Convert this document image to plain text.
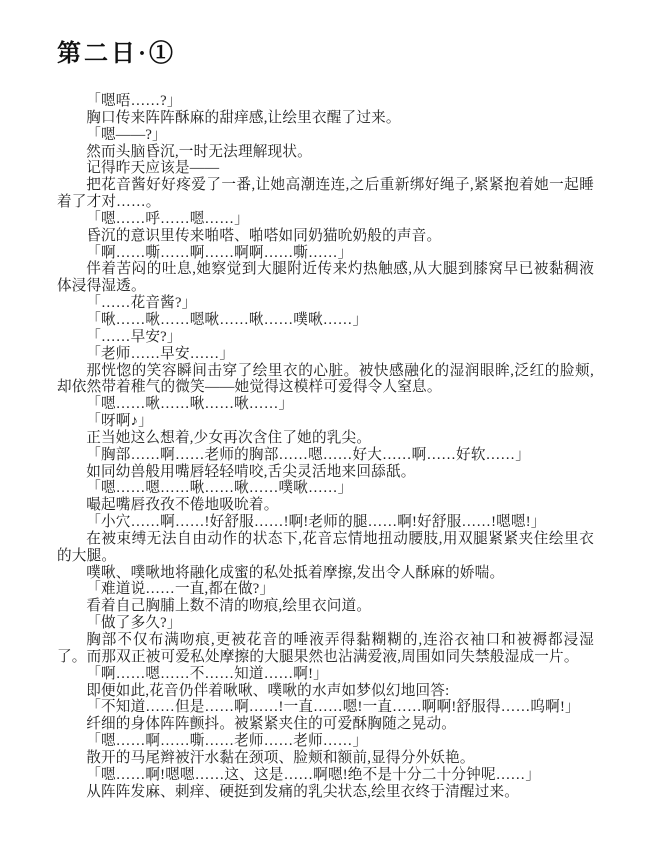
第二日·①

「嗯唔……?」

胸口传来阵阵酥麻的甜痒感,让绘里衣醒了过来。

「嗯——?」

然而头脑昏沉,一时无法理解现状。

记得昨天应该是——

把花音酱好好疼爱了一番,让她高潮连连,之后重新绑好绳子,紧紧抱着她一起睡着了才对……。

「嗯……呼……嗯……」

昏沉的意识里传来啪嗒、啪嗒如同奶猫吮奶般的声音。

「啊……嘶……啊……啊啊……嘶……」

伴着苦闷的吐息,她察觉到大腿附近传来灼热触感,从大腿到膝窝早已被黏稠液体浸得湿透。

「……花音酱?」

「啾……啾……嗯啾……啾……噗啾……」

「……早安?」

「老师……早安……」

那恍惚的笑容瞬间击穿了绘里衣的心脏。被快感融化的湿润眼眸,泛红的脸颊,却依然带着稚气的微笑——她觉得这模样可爱得令人窒息。

「嗯……啾……啾……啾……」

「呀啊♪」

正当她这么想着,少女再次含住了她的乳尖。

「胸部……啊……老师的胸部……嗯……好大……啊……好软……」

如同幼兽般用嘴唇轻轻啃咬,舌尖灵活地来回舔舐。

「嗯……嗯……啾……啾……噗啾……」

嘬起嘴唇孜孜不倦地吸吮着。

「小穴……啊……!好舒服……!啊!老师的腿……啊!好舒服……!嗯嗯!」

在被束缚无法自由动作的状态下,花音忘情地扭动腰肢,用双腿紧紧夹住绘里衣的大腿。

噗啾、噗啾地将融化成蜜的私处抵着摩擦,发出令人酥麻的娇喘。

「难道说……一直,都在做?」

看着自己胸脯上数不清的吻痕,绘里衣问道。

「做了多久?」

胸部不仅布满吻痕,更被花音的唾液弄得黏糊糊的,连浴衣袖口和被褥都浸湿了。而那双正被可爱私处摩擦的大腿果然也沾满爱液,周围如同失禁般湿成一片。

「啊……嗯……不……知道……啊!」

即便如此,花音仍伴着啾啾、噗啾的水声如梦似幻地回答:

「不知道……但是……啊……!一直……嗯!一直……啊啊!舒服得……呜啊!」

纤细的身体阵阵颤抖。被紧紧夹住的可爱酥胸随之晃动。

「嗯……啊……嘶……老师……老师……」

散开的马尾辫被汗水黏在颈项、脸颊和额前,显得分外妖艳。

「嗯……啊!嗯嗯……这、这是……啊嗯!绝不是十分二十分钟呢……」

从阵阵发麻、刺痒、硬挺到发痛的乳尖状态,绘里衣终于清醒过来。
